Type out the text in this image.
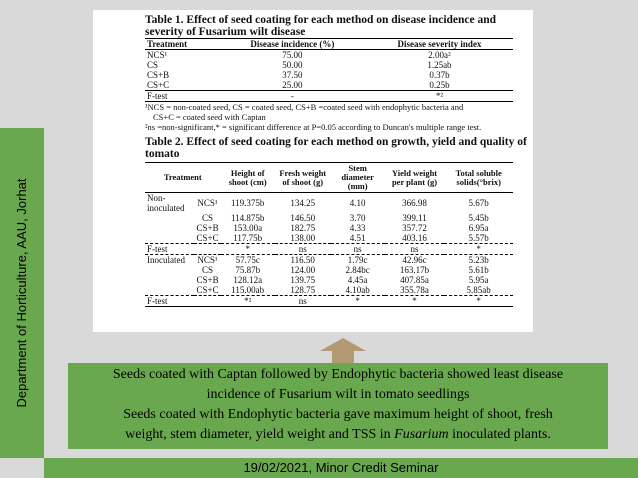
Department of Horticulture, AAU, Jorhat
Table 1. Effect of seed coating for each method on disease incidence and
severity of Fusarium wilt disease
Treatment	Disease incidence (%)	Disease severity index
NCS¹	75.00	2.00a²
CS	50.00	1.25ab
CS+B	37.50	0.37b
CS+C	25.00	0.25b
F-test	-	*²
¹NCS = non-coated seed, CS = coated seed, CS+B =coated seed with endophytic bacteria and
CS+C = coated seed with Captan
²ns =non-significant,* = significant difference at P=0.05 according to Duncan's multiple range test.
Table 2. Effect of seed coating for each method on growth, yield and quality of
tomato
Treatment		Height of shoot (cm)	Fresh weight of shoot (g)	Stem diameter (mm)	Yield weight per plant (g)	Total soluble solids(°brix)
Non-inoculated	NCS¹	119.375b	134.25	4.10	366.98	5.67b
	CS	114.875b	146.50	3.70	399.11	5.45b
	CS+B	153.00a	182.75	4.33	357.72	6.95a
	CS+C	117.75b	138.00	4.51	403.16	5.57b
F-test		*	ns	ns	ns	*
Inoculated	NCS¹	57.75c	116.50	1.79c	42.96c	5.23b
	CS	75.87b	124.00	2.84bc	163.17b	5.61b
	CS+B	128.12a	139.75	4.45a	407.85a	5.95a
	CS+C	115.00ab	128.75	4.10ab	355.78a	5.85ab
F-test		*²	ns	*	*	*
Seeds coated with Captan followed by Endophytic bacteria showed least disease
incidence of Fusarium wilt in tomato seedlings
Seeds coated with Endophytic bacteria gave maximum height of shoot, fresh
weight, stem diameter, yield weight and TSS in Fusarium inoculated plants.
19/02/2021, Minor Credit Seminar
